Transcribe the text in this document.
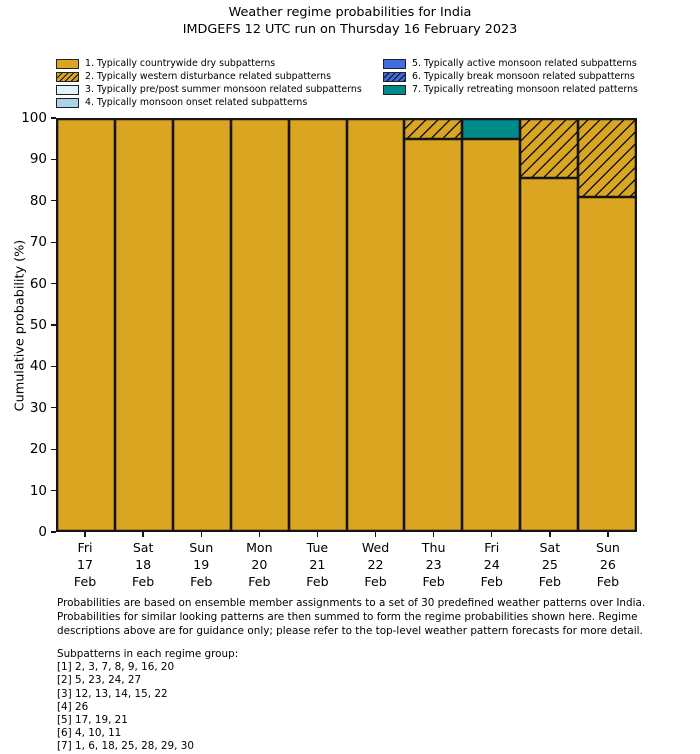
Weather regime probabilities for India
IMDGEFS 12 UTC run on Thursday 16 February 2023
1. Typically countrywide dry subpatterns
2. Typically western disturbance related subpatterns
3. Typically pre/post summer monsoon related subpatterns
4. Typically monsoon onset related subpatterns
5. Typically active monsoon related subpatterns
6. Typically break monsoon related subpatterns
7. Typically retreating monsoon related patterns
Cumulative probability (%)
0
10
20
30
40
50
60
70
80
90
100
Fri
17
Feb
Sat
18
Feb
Sun
19
Feb
Mon
20
Feb
Tue
21
Feb
Wed
22
Feb
Thu
23
Feb
Fri
24
Feb
Sat
25
Feb
Sun
26
Feb
Probabilities are based on ensemble member assignments to a set of 30 predefined weather patterns over India.
Probabilities for similar looking patterns are then summed to form the regime probabilities shown here. Regime
descriptions above are for guidance only; please refer to the top-level weather pattern forecasts for more detail.
Subpatterns in each regime group:
[1] 2, 3, 7, 8, 9, 16, 20
[2] 5, 23, 24, 27
[3] 12, 13, 14, 15, 22
[4] 26
[5] 17, 19, 21
[6] 4, 10, 11
[7] 1, 6, 18, 25, 28, 29, 30
